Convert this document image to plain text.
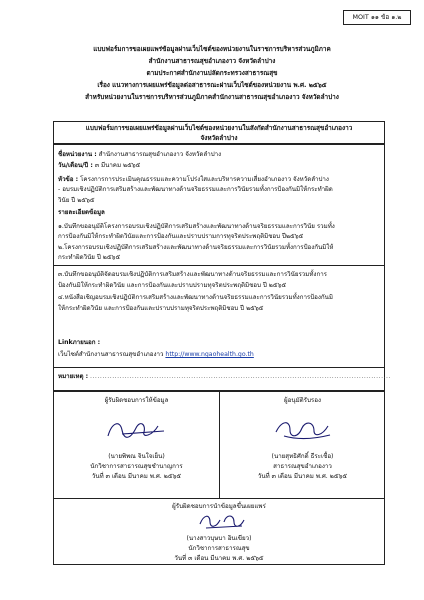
MOIT ๑๑ ข้อ ๑.๒
แบบฟอร์มการขอเผยแพร่ข้อมูลผ่านเว็บไซต์ของหน่วยงานในราชการบริหารส่วนภูมิภาค
สำนักงานสาธารณสุขอำเภองาว จังหวัดลำปาง
ตามประกาศสำนักงานปลัดกระทรวงสาธารณสุข
เรื่อง แนวทางการเผยแพร่ข้อมูลต่อสาธารณะผ่านเว็บไซต์ของหน่วยงาน พ.ศ. ๒๕๖๕
สำหรับหน่วยงานในราชการบริหารส่วนภูมิภาคสำนักงานสาธารณสุขอำเภองาว จังหวัดลำปาง
แบบฟอร์มการขอเผยแพร่ข้อมูลผ่านเว็บไซต์ของหน่วยงานในสังกัดสำนักงานสาธารณสุขอำเภองาว
จังหวัดลำปาง
ชื่อหน่วยงาน : สำนักงานสาธารณสุขอำเภองาว จังหวัดลำปาง
วัน/เดือน/ปี : ๓ มีนาคม ๒๕๖๕
หัวข้อ : โครงการการประเมินคุณธรรมและความโปร่งใสและบริหารความเสี่ยงอำเภองาว จังหวัดลำปาง
- อบรมเชิงปฏิบัติการเสริมสร้างและพัฒนาทางด้านจริยธรรมและการวินัยรวมทั้งการป้องกันมิให้กระทำผิด
วินัย ปี ๒๕๖๕
รายละเอียดข้อมูล
๑.บันทึกขออนุมัติโครงการอบรมเชิงปฏิบัติการเสริมสร้างและพัฒนาทางด้านจริยธรรมและการวินัย รวมทั้ง
การป้องกันมิให้กระทำผิดวินัยและการป้องกันและปราบปรามการทุจริตประพฤติมิชอบ ปี๒๕๖๕
๒.โครงการอบรมเชิงปฏิบัติการเสริมสร้างและพัฒนาทางด้านจริยธรรมและการวินัยรวมทั้งการป้องกันมิให้
กระทำผิดวินัย ปี ๒๕๖๕
๓.บันทึกขออนุมัติจัดอบรมเชิงปฏิบัติการเสริมสร้างและพัฒนาทางด้านจริยธรรมและการวินัยรวมทั้งการ
ป้องกันมิให้กระทำผิดวินัย และการป้องกันและปราบปรามทุจริตประพฤติมิชอบ ปี ๒๕๖๕
๔.หนังสือเชิญอบรมเชิงปฏิบัติการเสริมสร้างและพัฒนาทางด้านจริยธรรมและการวินัยรวมทั้งการป้องกันมิ
ให้กระทำผิดวินัย และการป้องกันและปราบปรามทุจริตประพฤติมิชอบ ปี ๒๕๖๕
Linkภายนอก :
เว็บไซต์สำนักงานสาธารณสุขอำเภองาว http://www.ngaohealth.go.th
หมายเหตุ : ..........................................................................................................................
ผู้รับผิดชอบการให้ข้อมูล
(นายพิพณ จินใจเย็น)
นักวิชาการสาธารณสุขชำนาญการ
วันที่ ๓ เดือน มีนาคม พ.ศ. ๒๕๖๕
ผู้อนุมัติรับรอง
(นายสุทธิศักดิ์ ธีระเชื้อ)
สาธารณสุขอำเภองาว
วันที่ ๓ เดือน มีนาคม พ.ศ. ๒๕๖๕
ผู้รับผิดชอบการนำข้อมูลขึ้นเผยแพร่
(นางสาวบุษบา อินเขียว)
นักวิชาการสาธารณสุข
วันที่ ๓ เดือน มีนาคม พ.ศ. ๒๕๖๕
